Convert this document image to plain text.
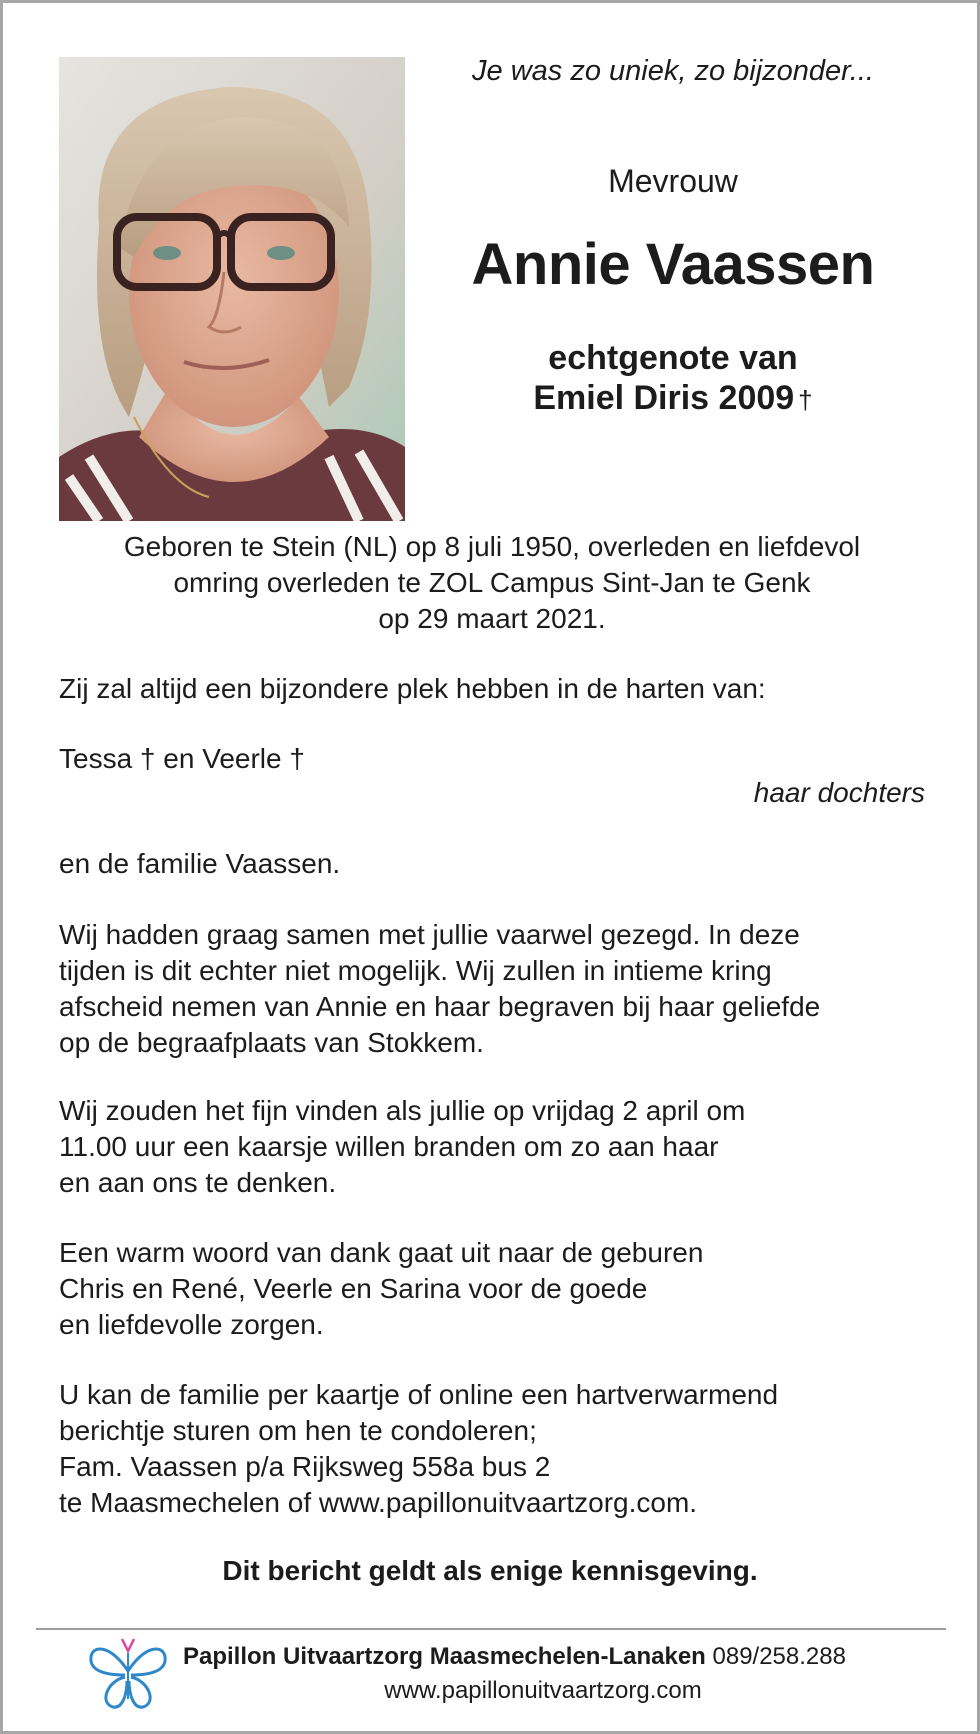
Je was zo uniek, zo bijzonder...

Mevrouw

Annie Vaassen

echtgenote van

Emiel Diris 2009 †

Geboren te Stein (NL) op 8 juli 1950, overleden en liefdevol
omring overleden te ZOL Campus Sint-Jan te Genk
op 29 maart 2021.

Zij zal altijd een bijzondere plek hebben in de harten van:

Tessa † en Veerle †

haar dochters

en de familie Vaassen.

Wij hadden graag samen met jullie vaarwel gezegd. In deze
tijden is dit echter niet mogelijk. Wij zullen in intieme kring
afscheid nemen van Annie en haar begraven bij haar geliefde
op de begraafplaats van Stokkem.

Wij zouden het fijn vinden als jullie op vrijdag 2 april om
11.00 uur een kaarsje willen branden om zo aan haar
en aan ons te denken.

Een warm woord van dank gaat uit naar de geburen
Chris en René, Veerle en Sarina voor de goede
en liefdevolle zorgen.

U kan de familie per kaartje of online een hartverwarmend
berichtje sturen om hen te condoleren;
Fam. Vaassen p/a Rijksweg 558a bus 2
te Maasmechelen of www.papillonuitvaartzorg.com.

Dit bericht geldt als enige kennisgeving.

Papillon Uitvaartzorg Maasmechelen-Lanaken 089/258.288

www.papillonuitvaartzorg.com
